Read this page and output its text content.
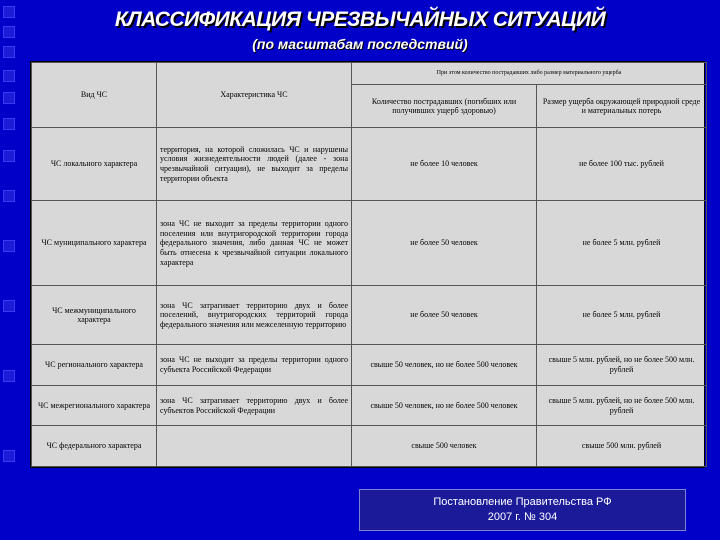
КЛАССИФИКАЦИЯ ЧРЕЗВЫЧАЙНЫХ СИТУАЦИЙ
(по масштабам последствий)
Вид ЧС	Характеристика ЧС	При этом количество пострадавших либо размер материального ущерба	
		Количество пострадавших (погибших или получивших ущерб здоровью)	Размер ущерба окружающей природной среде и материальных потерь
ЧС локального характера	территория, на которой сложилась ЧС и нарушены условия жизнедеятельности людей (далее - зона чрезвычайной ситуации), не выходит за пределы территории объекта	не более 10 человек	не более 100 тыс. рублей
ЧС муниципального характера	зона ЧС не выходит за пределы территории одного поселения или внутригородской территории города федерального значения, либо данная ЧС не может быть отнесена к чрезвычайной ситуации локального характера	не более 50 человек	не более 5 млн. рублей
ЧС межмуниципального характера	зона ЧС затрагивает территорию двух и более поселений, внутригородских территорий города федерального значения или межселенную территорию	не более 50 человек	не более 5 млн. рублей
ЧС регионального характера	зона ЧС не выходит за пределы территории одного субъекта Российской Федерации	свыше 50 человек, но не более 500 человек	свыше 5 млн. рублей, но не более 500 млн. рублей
ЧС межрегионального характера	зона ЧС затрагивает территорию двух и более субъектов Российской Федерации	свыше 50 человек, но не более 500 человек	свыше 5 млн. рублей, но не более 500 млн. рублей
ЧС федерального характера		свыше 500 человек	свыше 500 млн. рублей
Постановление Правительства РФ
2007 г. № 304
